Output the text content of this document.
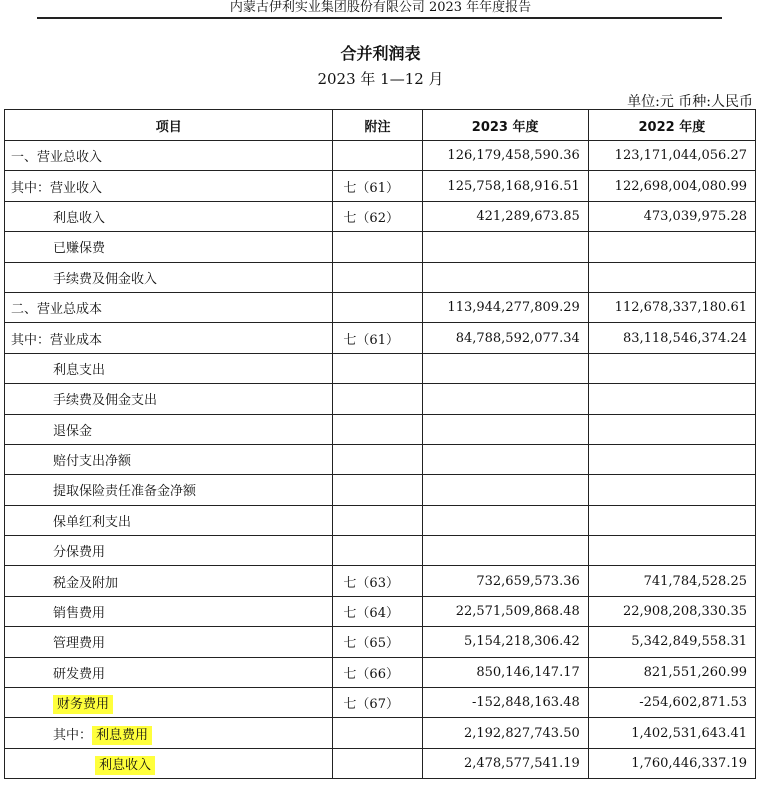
内蒙古伊利实业集团股份有限公司 2023 年年度报告
合并利润表
2023 年 1—12 月
单位:元 币种:人民币
项目	附注	2023 年度	2022 年度
一、营业总收入		126,179,458,590.36	123,171,044,056.27
其中：营业收入	七（61）	125,758,168,916.51	122,698,004,080.99
利息收入	七（62）	421,289,673.85	473,039,975.28
已赚保费			
手续费及佣金收入			
二、营业总成本		113,944,277,809.29	112,678,337,180.61
其中：营业成本	七（61）	84,788,592,077.34	83,118,546,374.24
利息支出			
手续费及佣金支出			
退保金			
赔付支出净额			
提取保险责任准备金净额			
保单红利支出			
分保费用			
税金及附加	七（63）	732,659,573.36	741,784,528.25
销售费用	七（64）	22,571,509,868.48	22,908,208,330.35
管理费用	七（65）	5,154,218,306.42	5,342,849,558.31
研发费用	七（66）	850,146,147.17	821,551,260.99
财务费用	七（67）	-152,848,163.48	-254,602,871.53
其中： 利息费用		2,192,827,743.50	1,402,531,643.41
利息收入		2,478,577,541.19	1,760,446,337.19
